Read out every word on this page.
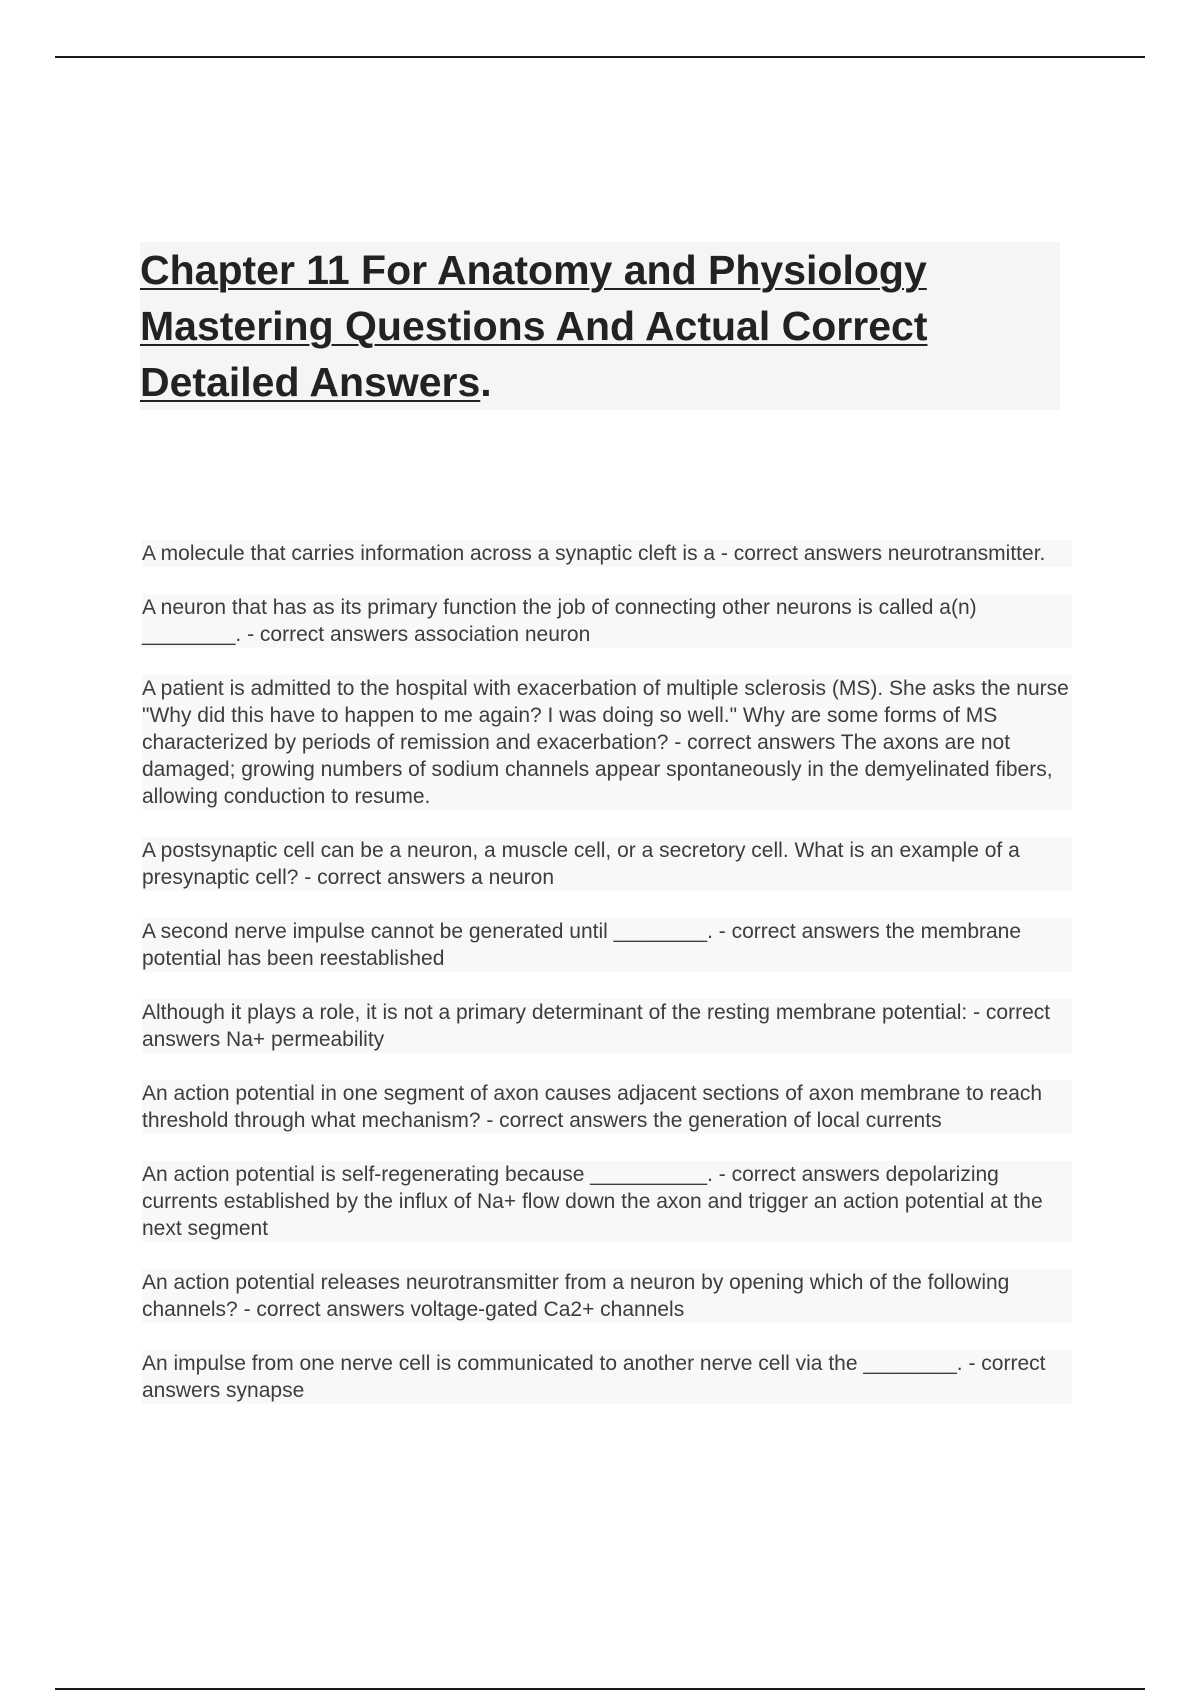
Chapter 11 For Anatomy and Physiology
Mastering Questions And Actual Correct
Detailed Answers.
A molecule that carries information across a synaptic cleft is a - correct answers neurotransmitter.
A neuron that has as its primary function the job of connecting other neurons is called a(n) ________. - correct answers association neuron
A patient is admitted to the hospital with exacerbation of multiple sclerosis (MS). She asks the nurse "Why did this have to happen to me again? I was doing so well." Why are some forms of MS characterized by periods of remission and exacerbation? - correct answers The axons are not damaged; growing numbers of sodium channels appear spontaneously in the demyelinated fibers, allowing conduction to resume.
A postsynaptic cell can be a neuron, a muscle cell, or a secretory cell. What is an example of a presynaptic cell? - correct answers a neuron
A second nerve impulse cannot be generated until ________. - correct answers the membrane potential has been reestablished
Although it plays a role, it is not a primary determinant of the resting membrane potential: - correct answers Na+ permeability
An action potential in one segment of axon causes adjacent sections of axon membrane to reach threshold through what mechanism? - correct answers the generation of local currents
An action potential is self-regenerating because __________. - correct answers depolarizing currents established by the influx of Na+ flow down the axon and trigger an action potential at the next segment
An action potential releases neurotransmitter from a neuron by opening which of the following channels? - correct answers voltage-gated Ca2+ channels
An impulse from one nerve cell is communicated to another nerve cell via the ________. - correct answers synapse
